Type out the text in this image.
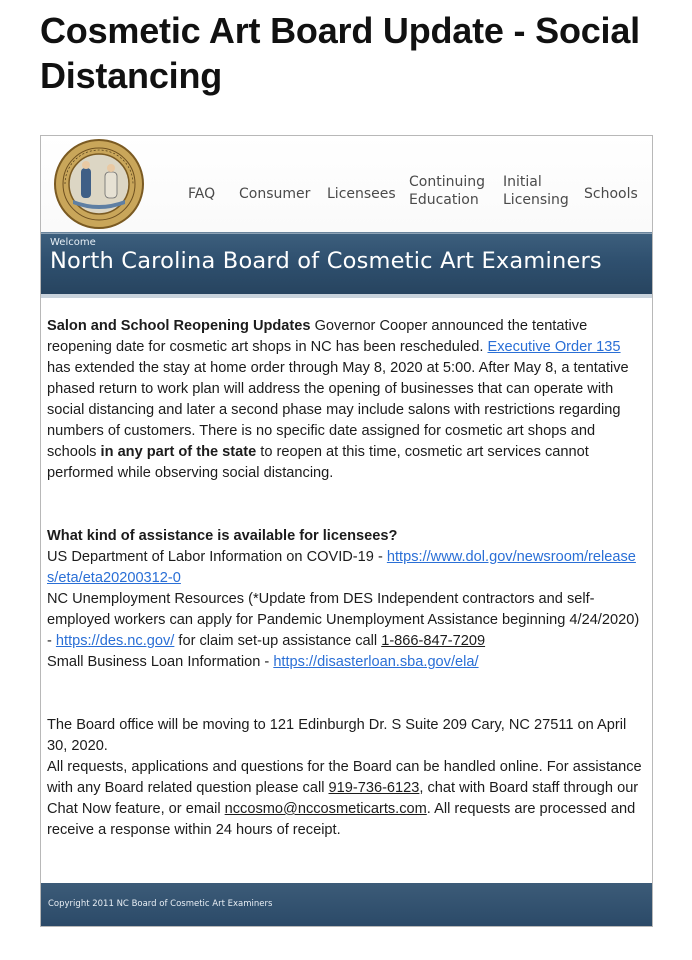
Cosmetic Art Board Update - Social Distancing
FAQ Consumer Licensees
Continuing
Education
Initial
Licensing	Schools
Welcome
North Carolina Board of Cosmetic Art Examiners

Salon and School Reopening Updates Governor Cooper announced the tentative reopening date for cosmetic art shops in NC has been rescheduled. Executive Order 135 has extended the stay at home order through May 8, 2020 at 5:00. After May 8, a tentative phased return to work plan will address the opening of businesses that can operate with social distancing and later a second phase may include salons with restrictions regarding numbers of customers. There is no specific date assigned for cosmetic art shops and schools in any part of the state to reopen at this time, cosmetic art services cannot performed while observing social distancing.

What kind of assistance is available for licensees?

US Department of Labor Information on COVID-19 - https://www.dol.gov/newsroom/releases/eta/eta20200312-0

NC Unemployment Resources (*Update from DES Independent contractors and self-employed workers can apply for Pandemic Unemployment Assistance beginning 4/24/2020) - https://des.nc.gov/ for claim set-up assistance call 1-866-847-7209

Small Business Loan Information - https://disasterloan.sba.gov/ela/

The Board office will be moving to 121 Edinburgh Dr. S Suite 209 Cary, NC 27511 on April 30, 2020.

All requests, applications and questions for the Board can be handled online. For assistance with any Board related question please call 919-736-6123, chat with Board staff through our Chat Now feature, or email nccosmo@nccosmeticarts.com. All requests are processed and receive a response within 24 hours of receipt.

Copyright 2011 NC Board of Cosmetic Art Examiners
